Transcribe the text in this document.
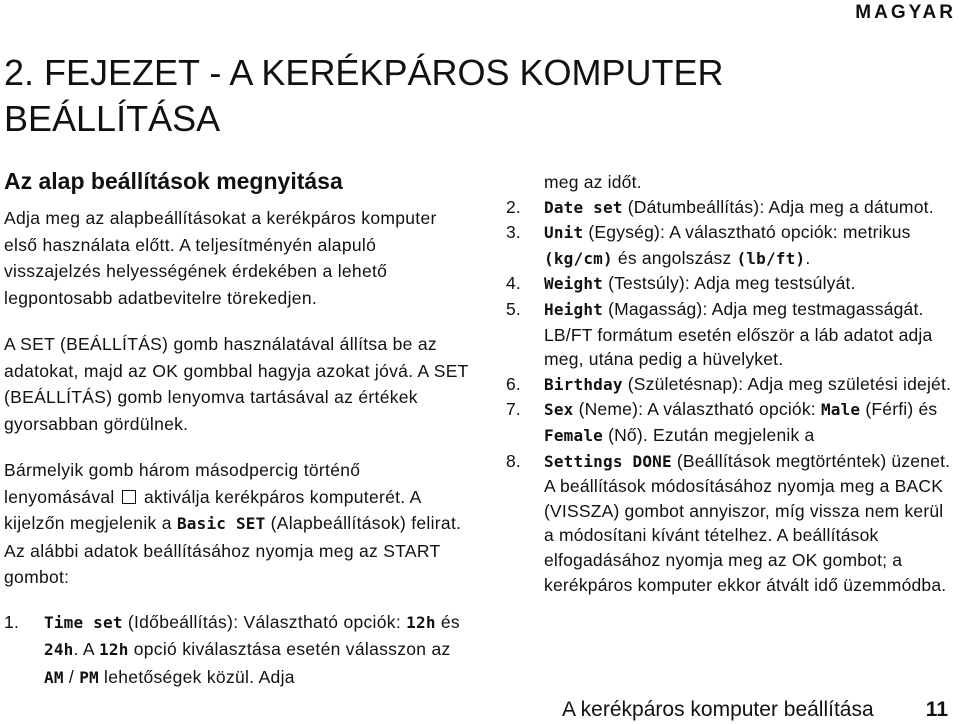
MAGYAR
2. FEJEZET - A KERÉKPÁROS KOMPUTER BEÁLLÍTÁSA
Az alap beállítások megnyitása

Adja meg az alapbeállításokat a kerékpáros komputer első használata előtt. A teljesítményén alapuló visszajelzés helyességének érdekében a lehető legpontosabb adatbevitelre törekedjen.

A SET (BEÁLLÍTÁS) gomb használatával állítsa be az adatokat, majd az OK gombbal hagyja azokat jóvá. A SET (BEÁLLÍTÁS) gomb lenyomva tartásával az értékek gyorsabban gördülnek.

Bármelyik gomb három másodpercig történő lenyomásával aktiválja kerékpáros komputerét. A kijelzőn megjelenik a Basic SET (Alapbeállítások) felirat. Az alábbi adatok beállításához nyomja meg az START gombot:

1. Time set (Időbeállítás): Választható opciók: 12h és 24h. A 12h opció kiválasztása esetén válasszon az AM / PM lehetőségek közül. Adja
meg az időt.
2. Date set (Dátumbeállítás): Adja meg a dátumot.
3. Unit (Egység): A választható opciók: metrikus (kg/cm) és angolszász (lb/ft).
4. Weight (Testsúly): Adja meg testsúlyát.
5. Height (Magasság): Adja meg testmagasságát. LB/FT formátum esetén először a láb adatot adja meg, utána pedig a hüvelyket.
6. Birthday (Születésnap): Adja meg születési idejét.
7. Sex (Neme): A választható opciók: Male (Férfi) és Female (Nő). Ezután megjelenik a
8. Settings DONE (Beállítások megtörténtek) üzenet. A beállítások módosításához nyomja meg a BACK (VISSZA) gombot annyiszor, míg vissza nem kerül a módosítani kívánt tételhez. A beállítások elfogadásához nyomja meg az OK gombot; a kerékpáros komputer ekkor átvált idő üzemmódba.
A kerékpáros komputer beállítása 11
